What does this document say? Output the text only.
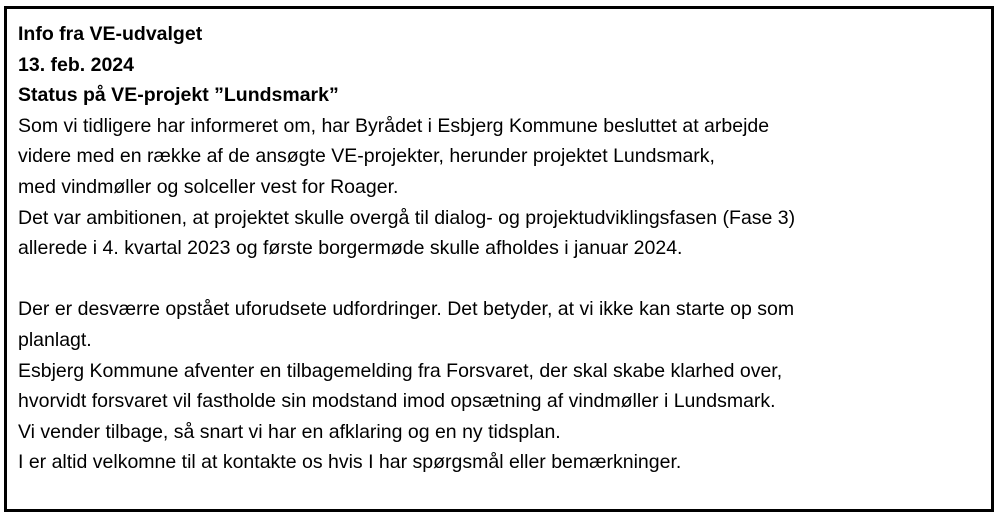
Info fra VE-udvalget
13. feb. 2024
Status på VE-projekt ”Lundsmark”
Som vi tidligere har informeret om, har Byrådet i Esbjerg Kommune besluttet at arbejde
videre med en række af de ansøgte VE-projekter, herunder projektet Lundsmark,
med vindmøller og solceller vest for Roager.
Det var ambitionen, at projektet skulle overgå til dialog- og projektudviklingsfasen (Fase 3)
allerede i 4. kvartal 2023 og første borgermøde skulle afholdes i januar 2024.
Der er desværre opstået uforudsete udfordringer. Det betyder, at vi ikke kan starte op som
planlagt.
Esbjerg Kommune afventer en tilbagemelding fra Forsvaret, der skal skabe klarhed over,
hvorvidt forsvaret vil fastholde sin modstand imod opsætning af vindmøller i Lundsmark.
Vi vender tilbage, så snart vi har en afklaring og en ny tidsplan.
I er altid velkomne til at kontakte os hvis I har spørgsmål eller bemærkninger.
